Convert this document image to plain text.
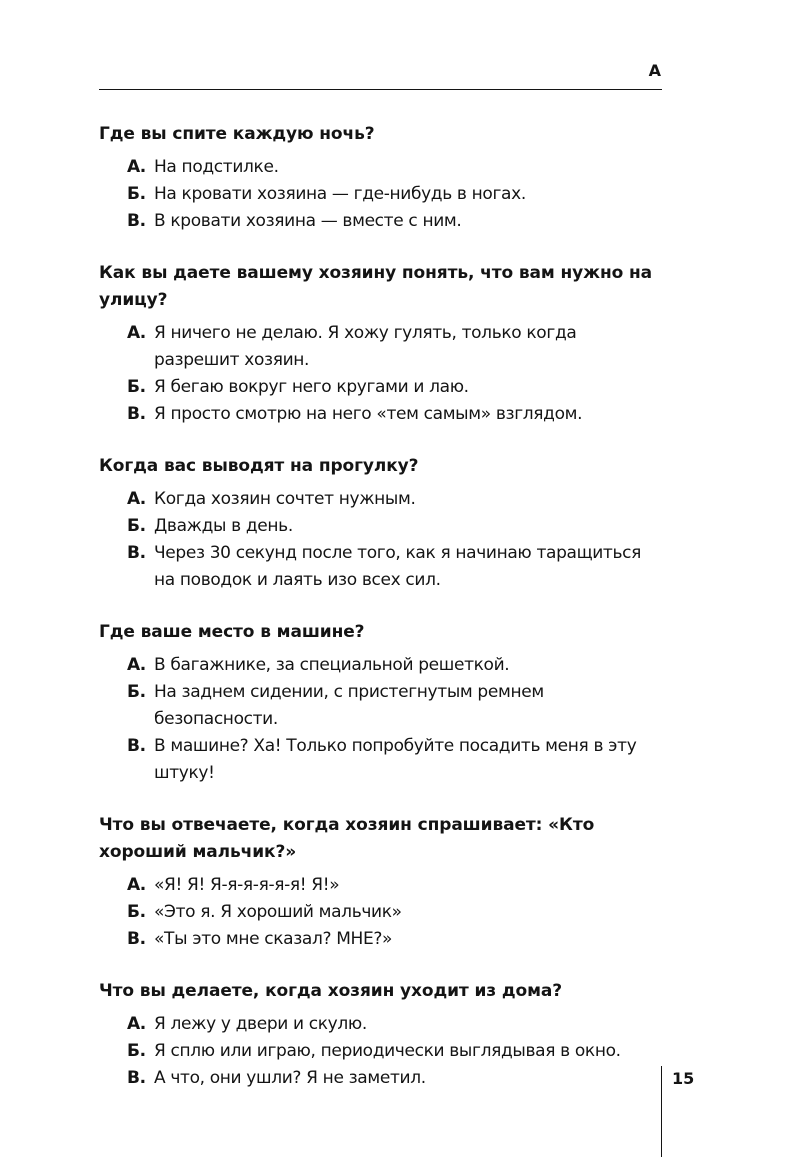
А
Где вы спите каждую ночь?
А. На подстилке.
Б. На кровати хозяина — где-нибудь в ногах.
В. В кровати хозяина — вместе с ним.
Как вы даете вашему хозяину понять, что вам нужно на улицу?
А. Я ничего не делаю. Я хожу гулять, только когда разрешит хозяин.
Б. Я бегаю вокруг него кругами и лаю.
В. Я просто смотрю на него «тем самым» взглядом.
Когда вас выводят на прогулку?
А. Когда хозяин сочтет нужным.
Б. Дважды в день.
В. Через 30 секунд после того, как я начинаю таращиться на поводок и лаять изо всех сил.
Где ваше место в машине?
А. В багажнике, за специальной решеткой.
Б. На заднем сидении, с пристегнутым ремнем безопасности.
В. В машине? Ха! Только попробуйте посадить меня в эту штуку!
Что вы отвечаете, когда хозяин спрашивает: «Кто хороший мальчик?»
А. «Я! Я! Я-я-я-я-я-я! Я!»
Б. «Это я. Я хороший мальчик»
В. «Ты это мне сказал? МНЕ?»
Что вы делаете, когда хозяин уходит из дома?
А. Я лежу у двери и скулю.
Б. Я сплю или играю, периодически выглядывая в окно.
В. А что, они ушли? Я не заметил.	15
